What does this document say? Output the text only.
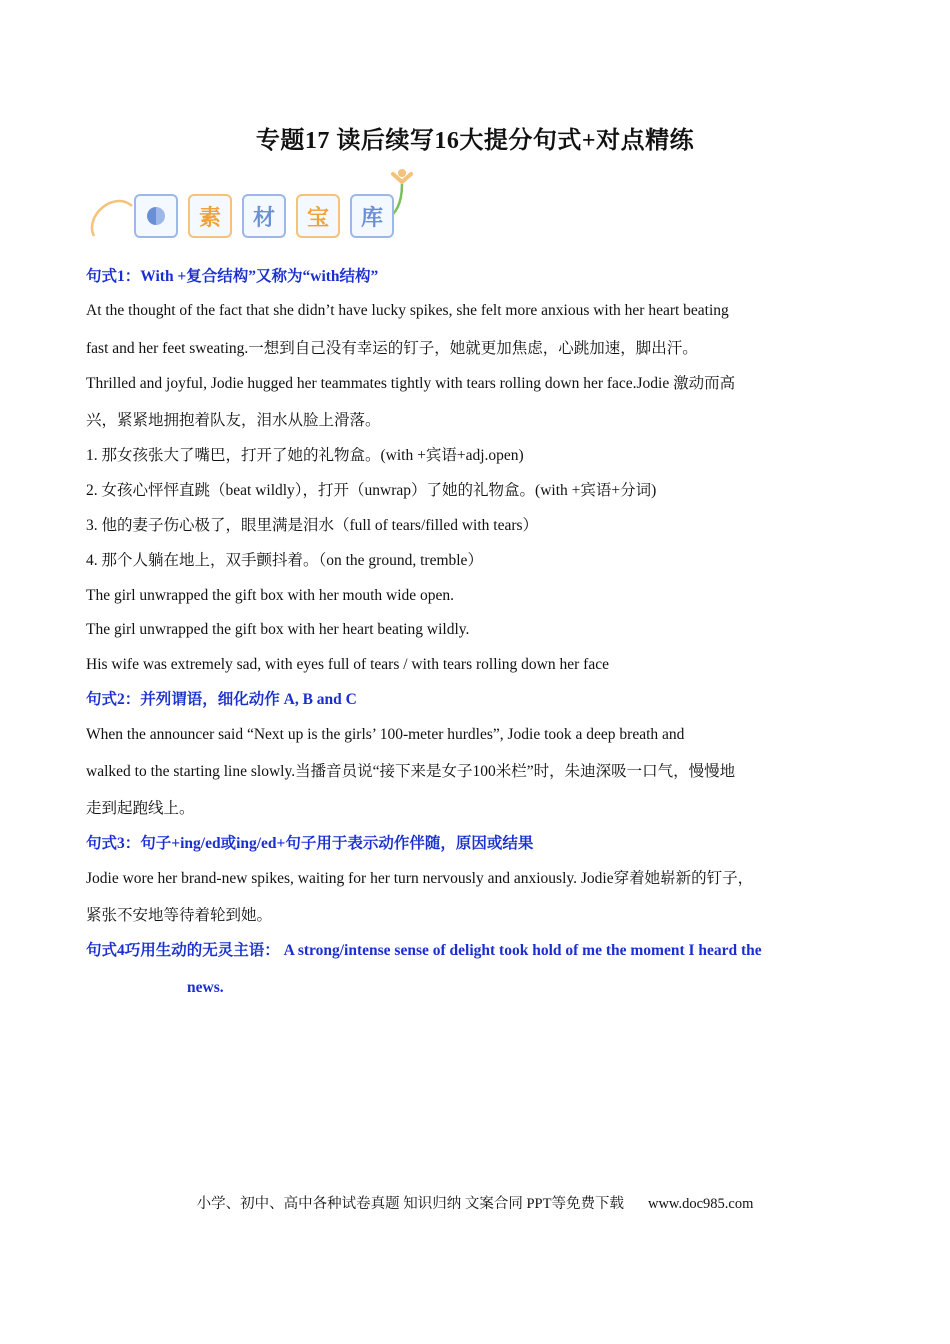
专题17 读后续写16大提分句式+对点精练
素	材	宝	库
句式1：With +复合结构”又称为“with结构”
At the thought of the fact that she didn’t have lucky spikes, she felt more anxious with her heart beating
fast and her feet sweating.一想到自己没有幸运的钉子，她就更加焦虑，心跳加速，脚出汗。
Thrilled and joyful, Jodie hugged her teammates tightly with tears rolling down her face.Jodie 激动而高
兴，紧紧地拥抱着队友，泪水从脸上滑落。
1. 那女孩张大了嘴巴，打开了她的礼物盒。(with +宾语+adj.open)
2. 女孩心怦怦直跳（beat wildly），打开（unwrap）了她的礼物盒。(with +宾语+分词)
3. 他的妻子伤心极了，眼里满是泪水（full of tears/filled with tears）
4. 那个人躺在地上，双手颤抖着。（on the ground, tremble）
The girl unwrapped the gift box with her mouth wide open.
The girl unwrapped the gift box with her heart beating wildly.
His wife was extremely sad, with eyes full of tears / with tears rolling down her face
句式2：并列谓语，细化动作 A, B and C
When the announcer said “Next up is the girls’ 100-meter hurdles”, Jodie took a deep breath and
walked to the starting line slowly.当播音员说“接下来是女子100米栏”时，朱迪深吸一口气，慢慢地
走到起跑线上。
句式3：句子+ing/ed或ing/ed+句子用于表示动作伴随，原因或结果
Jodie wore her brand-new spikes, waiting for her turn nervously and anxiously. Jodie穿着她崭新的钉子，
紧张不安地等待着轮到她。
句式4巧用生动的无灵主语： A strong/intense sense of delight took hold of me the moment I heard the
news.
小学、初中、高中各种试卷真题 知识归纳 文案合同 PPT等免费下载 www.doc985.com
